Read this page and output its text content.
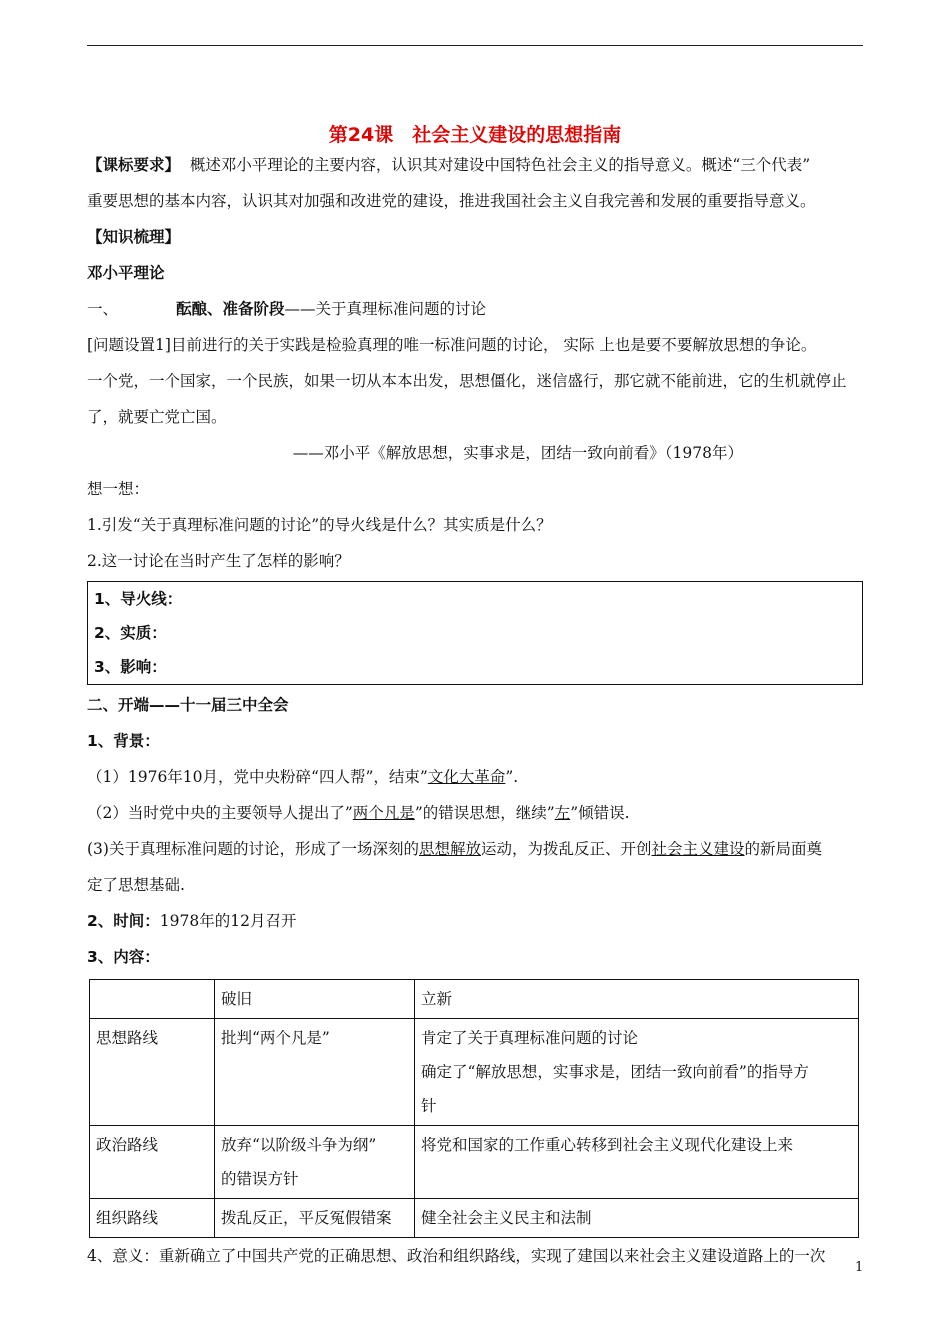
第24课　社会主义建设的思想指南
【课标要求】 概述邓小平理论的主要内容，认识其对建设中国特色社会主义的指导意义。概述“三个代表”
重要思想的基本内容，认识其对加强和改进党的建设，推进我国社会主义自我完善和发展的重要指导意义。
【知识梳理】
邓小平理论
一、	酝酿、准备阶段——关于真理标准问题的讨论
[问题设置1]目前进行的关于实践是检验真理的唯一标准问题的讨论， 实际 上也是要不要解放思想的争论。
一个党，一个国家，一个民族，如果一切从本本出发，思想僵化，迷信盛行，那它就不能前进，它的生机就停止
了，就要亡党亡国。
——邓小平《解放思想，实事求是，团结一致向前看》（1978年）
想一想：
1.引发“关于真理标准问题的讨论”的导火线是什么？其实质是什么？
2.这一讨论在当时产生了怎样的影响？
1、导火线：
2、实质：
3、影响：
二、开端——十一届三中全会
1、背景：
（1）1976年10月，党中央粉碎“四人帮”，结束”文化大革命”.
（2）当时党中央的主要领导人提出了”两个凡是”的错误思想，继续”左”倾错误.
(3)关于真理标准问题的讨论，形成了一场深刻的思想解放运动，为拨乱反正、开创社会主义建设的新局面奠
定了思想基础.
2、时间：1978年的12月召开
3、内容：
	破旧	立新
思想路线	批判“两个凡是”	肯定了关于真理标准问题的讨论
确定了“解放思想，实事求是，团结一致向前看”的指导方
针

政治路线	放弃“以阶级斗争为纲”
的错误方针	将党和国家的工作重心转移到社会主义现代化建设上来
组织路线	拨乱反正，平反冤假错案	健全社会主义民主和法制
4、意义：重新确立了中国共产党的正确思想、政治和组织路线，实现了建国以来社会主义建设道路上的一次
1
